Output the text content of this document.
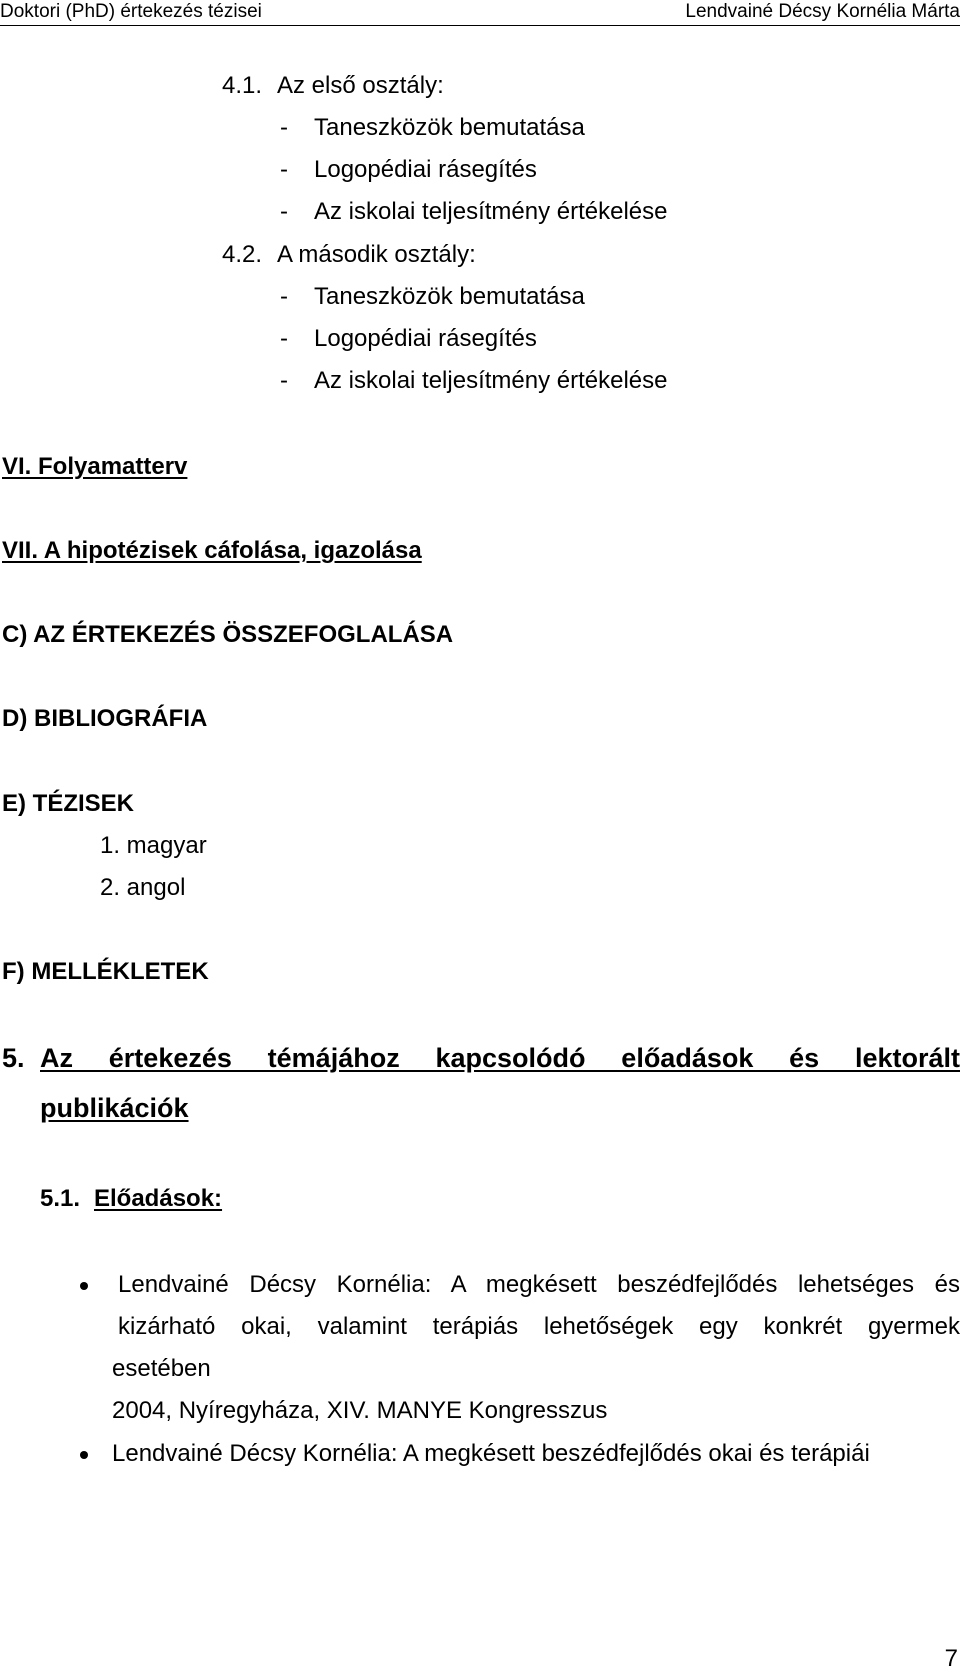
Doktori (PhD) értekezés tézisei	Lendvainé Décsy Kornélia Márta
4.1. Az első osztály:
- Taneszközök bemutatása
- Logopédiai rásegítés
- Az iskolai teljesítmény értékelése
4.2. A második osztály:
- Taneszközök bemutatása
- Logopédiai rásegítés
- Az iskolai teljesítmény értékelése
VI. Folyamatterv
VII. A hipotézisek cáfolása, igazolása
C) AZ ÉRTEKEZÉS ÖSSZEFOGLALÁSA
D) BIBLIOGRÁFIA
E) TÉZISEK
1. magyar
2. angol
F) MELLÉKLETEK
5. Az értekezés témájához kapcsolódó előadások és lektorált
publikációk
5.1. Előadások:
Lendvainé Décsy Kornélia: A megkésett beszédfejlődés lehetséges és
kizárható okai, valamint terápiás lehetőségek egy konkrét gyermek
esetében
2004, Nyíregyháza, XIV. MANYE Kongresszus
Lendvainé Décsy Kornélia: A megkésett beszédfejlődés okai és terápiái
7
